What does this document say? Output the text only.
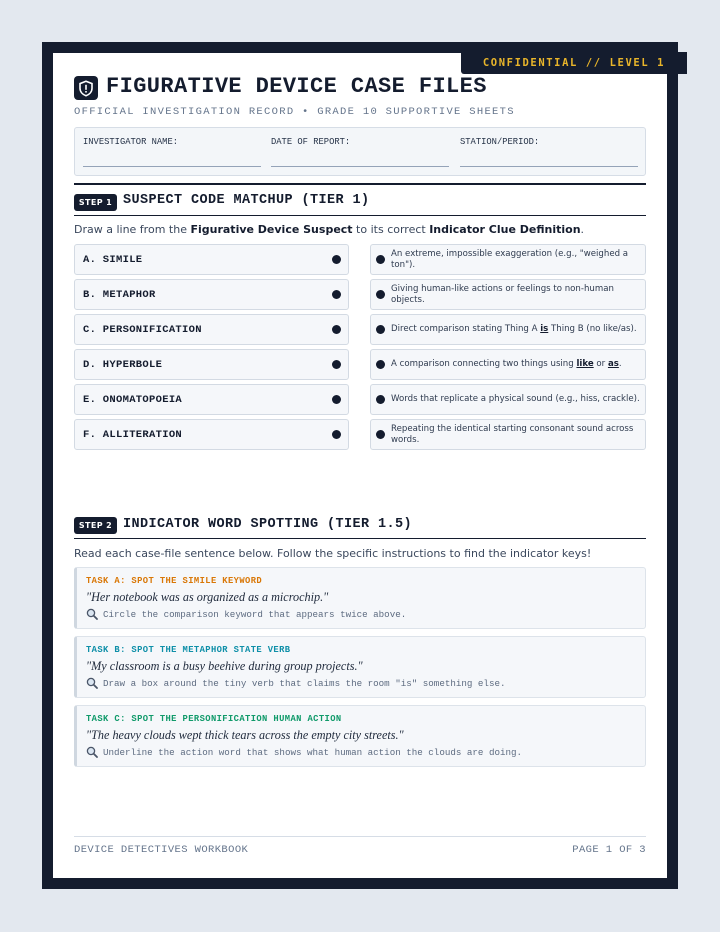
CONFIDENTIAL // LEVEL 1
FIGURATIVE DEVICE CASE FILES
OFFICIAL INVESTIGATION RECORD • GRADE 10 SUPPORTIVE SHEETS
INVESTIGATOR NAME:	DATE OF REPORT:	STATION/PERIOD:
STEP 1 SUSPECT CODE MATCHUP (TIER 1)
Draw a line from the Figurative Device Suspect to its correct Indicator Clue Definition.
A. SIMILE
B. METAPHOR
C. PERSONIFICATION
D. HYPERBOLE
E. ONOMATOPOEIA
F. ALLITERATION
An extreme, impossible exaggeration (e.g., "weighed a ton").
Giving human-like actions or feelings to non-human objects.
Direct comparison stating Thing A is Thing B (no like/as).
A comparison connecting two things using like or as.
Words that replicate a physical sound (e.g., hiss, crackle).
Repeating the identical starting consonant sound across words.
STEP 2 INDICATOR WORD SPOTTING (TIER 1.5)
Read each case-file sentence below. Follow the specific instructions to find the indicator keys!
TASK A: SPOT THE SIMILE KEYWORD
"Her notebook was as organized as a microchip."
Circle the comparison keyword that appears twice above.
TASK B: SPOT THE METAPHOR STATE VERB
"My classroom is a busy beehive during group projects."
Draw a box around the tiny verb that claims the room "is" something else.
TASK C: SPOT THE PERSONIFICATION HUMAN ACTION
"The heavy clouds wept thick tears across the empty city streets."
Underline the action word that shows what human action the clouds are doing.
DEVICE DETECTIVES WORKBOOK	PAGE 1 OF 3
